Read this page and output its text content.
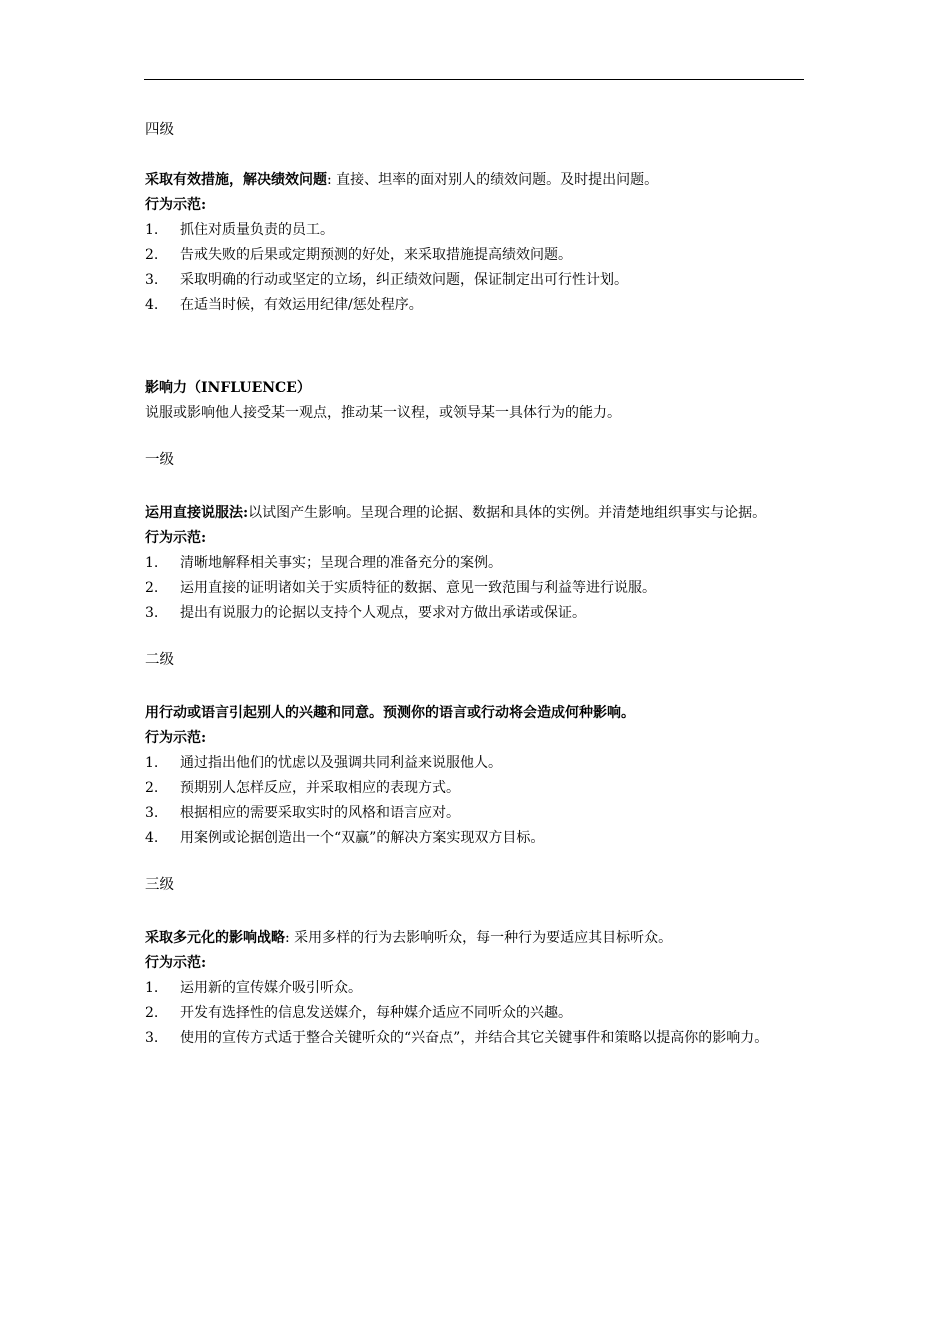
四级

采取有效措施，解决绩效问题: 直接、坦率的面对别人的绩效问题。及时提出问题。

行为示范:

1.	抓住对质量负责的员工。
2.	告戒失败的后果或定期预测的好处，来采取措施提高绩效问题。
3.	采取明确的行动或坚定的立场，纠正绩效问题，保证制定出可行性计划。
4.	在适当时候，有效运用纪律/惩处程序。

影响力（INFLUENCE）

说服或影响他人接受某一观点，推动某一议程，或领导某一具体行为的能力。

一级

运用直接说服法:以试图产生影响。呈现合理的论据、数据和具体的实例。并清楚地组织事实与论据。

行为示范:

1.	清晰地解释相关事实；呈现合理的准备充分的案例。
2.	运用直接的证明诸如关于实质特征的数据、意见一致范围与利益等进行说服。
3.	提出有说服力的论据以支持个人观点，要求对方做出承诺或保证。

二级

用行动或语言引起别人的兴趣和同意。预测你的语言或行动将会造成何种影响。

行为示范:

1.	通过指出他们的忧虑以及强调共同利益来说服他人。
2.	预期别人怎样反应，并采取相应的表现方式。
3.	根据相应的需要采取实时的风格和语言应对。
4.	用案例或论据创造出一个“双赢”的解决方案实现双方目标。

三级

采取多元化的影响战略: 采用多样的行为去影响听众，每一种行为要适应其目标听众。

行为示范:

1.	运用新的宣传媒介吸引听众。
2.	开发有选择性的信息发送媒介，每种媒介适应不同听众的兴趣。
3.	使用的宣传方式适于整合关键听众的“兴奋点”，并结合其它关键事件和策略以提高你的影响力。
